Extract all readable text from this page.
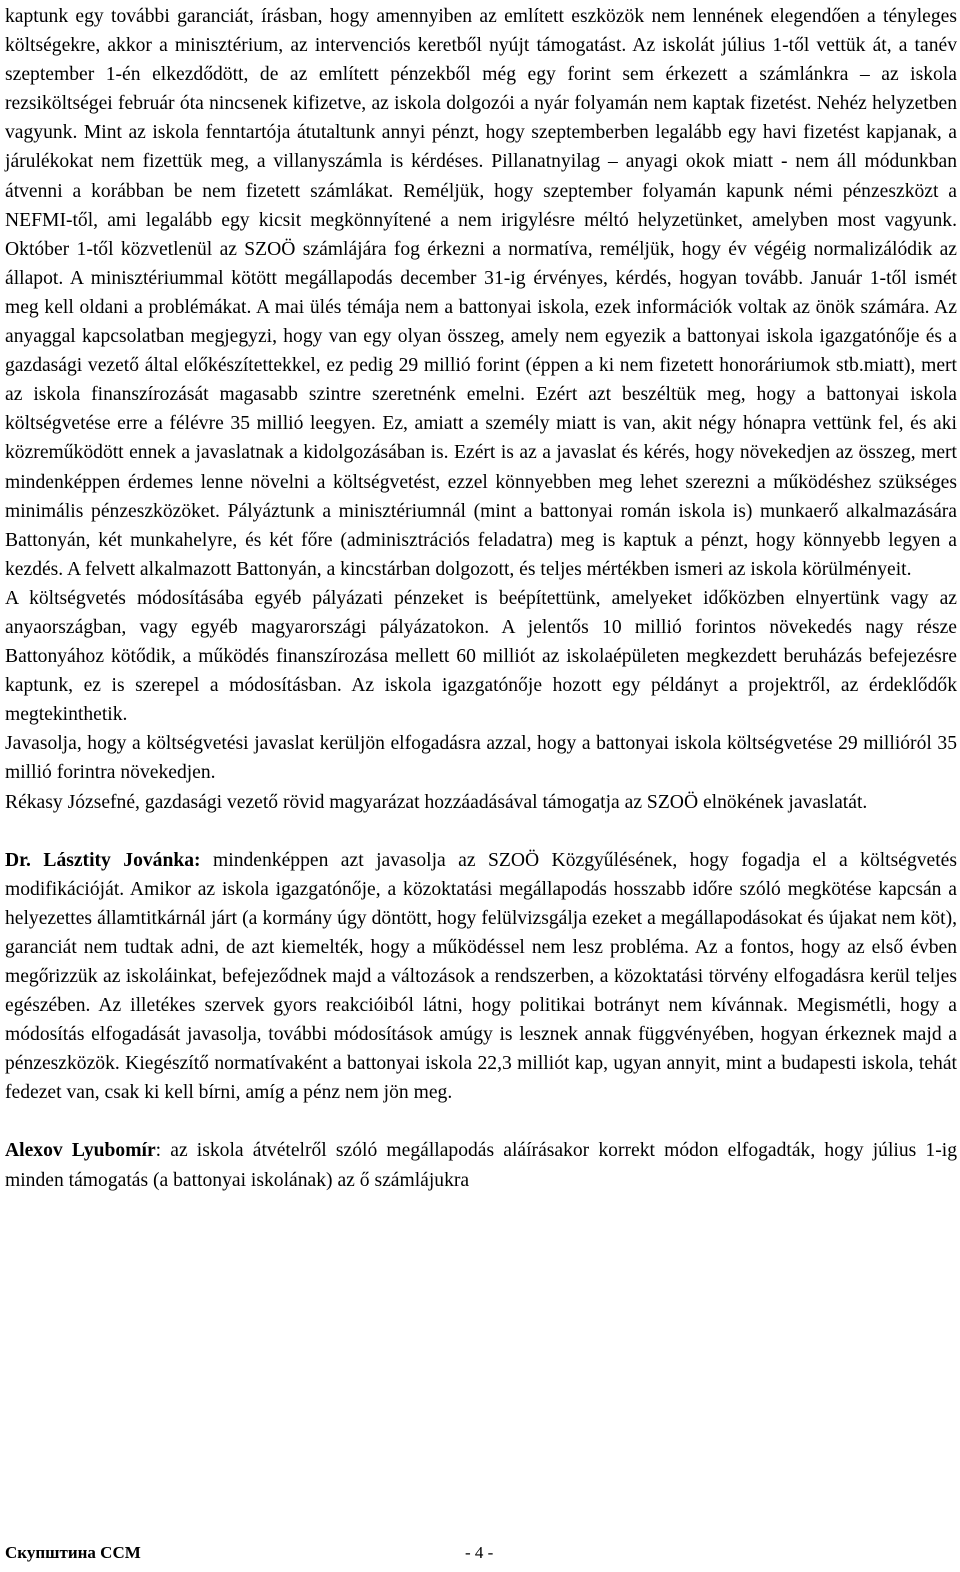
kaptunk egy további garanciát, írásban, hogy amennyiben az említett eszközök nem lennének elegendően a tényleges költségekre, akkor a minisztérium, az intervenciós keretből nyújt támogatást. Az iskolát július 1-től vettük át, a tanév szeptember 1-én elkezdődött, de az említett pénzekből még egy forint sem érkezett a számlánkra – az iskola rezsiköltségei február óta nincsenek kifizetve, az iskola dolgozói a nyár folyamán nem kaptak fizetést. Nehéz helyzetben vagyunk. Mint az iskola fenntartója átutaltunk annyi pénzt, hogy szeptemberben legalább egy havi fizetést kapjanak, a járulékokat nem fizettük meg, a villanyszámla is kérdéses. Pillanatnyilag – anyagi okok miatt - nem áll módunkban átvenni a korábban be nem fizetett számlákat. Reméljük, hogy szeptember folyamán kapunk némi pénzeszközt a NEFMI-től, ami legalább egy kicsit megkönnyítené a nem irigylésre méltó helyzetünket, amelyben most vagyunk. Október 1-től közvetlenül az SZOÖ számlájára fog érkezni a normatíva, reméljük, hogy év végéig normalizálódik az állapot. A minisztériummal kötött megállapodás december 31-ig érvényes, kérdés, hogyan tovább. Január 1-től ismét meg kell oldani a problémákat. A mai ülés témája nem a battonyai iskola, ezek információk voltak az önök számára. Az anyaggal kapcsolatban megjegyzi, hogy van egy olyan összeg, amely nem egyezik a battonyai iskola igazgatónője és a gazdasági vezető által előkészítettekkel, ez pedig 29 millió forint (éppen a ki nem fizetett honoráriumok stb.miatt), mert az iskola finanszírozását magasabb szintre szeretnénk emelni. Ezért azt beszéltük meg, hogy a battonyai iskola költségvetése erre a félévre 35 millió leegyen. Ez, amiatt a személy miatt is van, akit négy hónapra vettünk fel, és aki közreműködött ennek a javaslatnak a kidolgozásában is. Ezért is az a javaslat és kérés, hogy növekedjen az összeg, mert mindenképpen érdemes lenne növelni a költségvetést, ezzel könnyebben meg lehet szerezni a működéshez szükséges minimális pénzeszközöket. Pályáztunk a minisztériumnál (mint a battonyai román iskola is) munkaerő alkalmazására Battonyán, két munkahelyre, és két főre (adminisztrációs feladatra) meg is kaptuk a pénzt, hogy könnyebb legyen a kezdés. A felvett alkalmazott Battonyán, a kincstárban dolgozott, és teljes mértékben ismeri az iskola körülményeit.

A költségvetés módosításába egyéb pályázati pénzeket is beépítettünk, amelyeket időközben elnyertünk vagy az anyaországban, vagy egyéb magyarországi pályázatokon. A jelentős 10 millió forintos növekedés nagy része Battonyához kötődik, a működés finanszírozása mellett 60 milliót az iskolaépületen megkezdett beruházás befejezésre kaptunk, ez is szerepel a módosításban. Az iskola igazgatónője hozott egy példányt a projektről, az érdeklődők megtekinthetik.

Javasolja, hogy a költségvetési javaslat kerüljön elfogadásra azzal, hogy a battonyai iskola költségvetése 29 millióról 35 millió forintra növekedjen.

Rékasy Józsefné, gazdasági vezető rövid magyarázat hozzáadásával támogatja az SZOÖ elnökének javaslatát.

Dr. Lásztity Jovánka: mindenképpen azt javasolja az SZOÖ Közgyűlésének, hogy fogadja el a költségvetés modifikációját. Amikor az iskola igazgatónője, a közoktatási megállapodás hosszabb időre szóló megkötése kapcsán a helyezettes államtitkárnál járt (a kormány úgy döntött, hogy felülvizsgálja ezeket a megállapodásokat és újakat nem köt), garanciát nem tudtak adni, de azt kiemelték, hogy a működéssel nem lesz probléma. Az a fontos, hogy az első évben megőrizzük az iskoláinkat, befejeződnek majd a változások a rendszerben, a közoktatási törvény elfogadásra kerül teljes egészében. Az illetékes szervek gyors reakcióiból látni, hogy politikai botrányt nem kívánnak. Megismétli, hogy a módosítás elfogadását javasolja, további módosítások amúgy is lesznek annak függvényében, hogyan érkeznek majd a pénzeszközök. Kiegészítő normatívaként a battonyai iskola 22,3 milliót kap, ugyan annyit, mint a budapesti iskola, tehát fedezet van, csak ki kell bírni, amíg a pénz nem jön meg.

Alexov Lyubomír: az iskola átvételről szóló megállapodás aláírásakor korrekt módon elfogadták, hogy július 1-ig minden támogatás (a battonyai iskolának) az ő számlájukra

Скупштина ССМ	- 4 -
